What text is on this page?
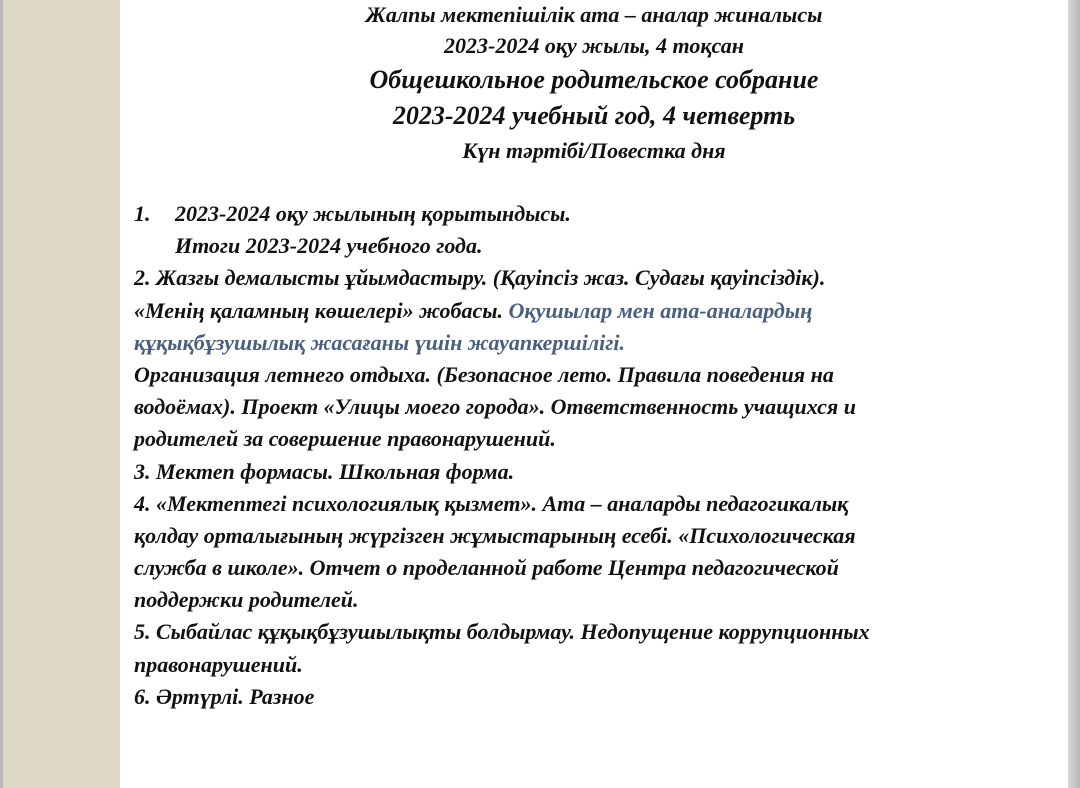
Жалпы мектепішілік ата – аналар жиналысы

2023-2024 оқу жылы, 4 тоқсан

Общешкольное родительское собрание

2023-2024 учебный год, 4 четверть

Күн тәртібі/Повестка дня

1. 2023-2024 оқу жылының қорытындысы.
Итоги 2023-2024 учебного года.
2. Жазғы демалысты ұйымдастыру. (Қауіпсіз жаз. Судағы қауіпсіздік).
«Менің қаламның көшелері» жобасы. Оқушылар мен ата-аналардың
құқықбұзушылық жасағаны үшін жауапкершілігі.
Организация летнего отдыха. (Безопасное лето. Правила поведения на
водоёмах). Проект «Улицы моего города». Ответственность учащихся и
родителей за совершение правонарушений.
3. Мектеп формасы. Школьная форма.
4. «Мектептегі психологиялық қызмет». Ата – аналарды педагогикалық
қолдау орталығының жүргізген жұмыстарының есебі. «Психологическая
служба в школе». Отчет о проделанной работе Центра педагогической
поддержки родителей.
5. Сыбайлас құқықбұзушылықты болдырмау. Недопущение коррупционных
правонарушений.
6. Әртүрлі. Разное
